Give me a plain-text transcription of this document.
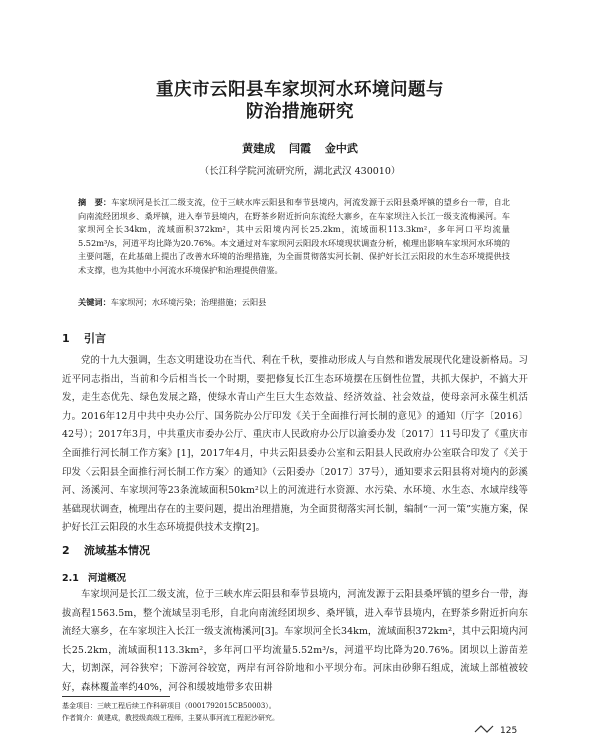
重庆市云阳县车家坝河水环境问题与
防治措施研究
黄建成 闫霞 金中武
（长江科学院河流研究所，湖北武汉 430010）
摘　要：车家坝河是长江二级支流，位于三峡水库云阳县和奉节县境内，河流发源于云阳县桑坪镇的望乡台一带，自北向南流经团坝乡、桑坪镇，进入奉节县境内，在野茶乡附近折向东流经大寨乡，在车家坝注入长江一级支流梅溪河。车家坝河全长34km，流域面积372km²，其中云阳境内河长25.2km，流域面积113.3km²，多年河口平均流量5.52m³/s，河道平均比降为20.76%。本文通过对车家坝河云阳段水环境现状调查分析，梳理出影响车家坝河水环境的主要问题，在此基础上提出了改善水环境的治理措施，为全面贯彻落实河长制、保护好长江云阳段的水生态环境提供技术支撑，也为其他中小河流水环境保护和治理提供借鉴。
关键词：车家坝河；水环境污染；治理措施；云阳县
1 引言
党的十九大强调，生态文明建设功在当代、利在千秋，要推动形成人与自然和谐发展现代化建设新格局。习近平同志指出，当前和今后相当长一个时期，要把修复长江生态环境摆在压倒性位置，共抓大保护，不搞大开发，走生态优先、绿色发展之路，使绿水青山产生巨大生态效益、经济效益、社会效益，使母亲河永葆生机活力。2016年12月中共中央办公厅、国务院办公厅印发《关于全面推行河长制的意见》的通知（厅字〔2016〕42号）；2017年3月，中共重庆市委办公厅、重庆市人民政府办公厅以渝委办发〔2017〕11号印发了《重庆市全面推行河长制工作方案》[1]，2017年4月，中共云阳县委办公室和云阳县人民政府办公室联合印发了《关于印发〈云阳县全面推行河长制工作方案〉的通知》（云阳委办〔2017〕37号），通知要求云阳县将对境内的彭溪河、汤溪河、车家坝河等23条流域面积50km²以上的河流进行水资源、水污染、水环境、水生态、水域岸线等基础现状调查，梳理出存在的主要问题，提出治理措施，为全面贯彻落实河长制，编制“一河一策”实施方案，保护好长江云阳段的水生态环境提供技术支撑[2]。
2 流域基本情况
2.1 河道概况
车家坝河是长江二级支流，位于三峡水库云阳县和奉节县境内，河流发源于云阳县桑坪镇的望乡台一带，海拔高程1563.5m，整个流域呈羽毛形，自北向南流经团坝乡、桑坪镇，进入奉节县境内，在野茶乡附近折向东流经大寨乡，在车家坝注入长江一级支流梅溪河[3]。车家坝河全长34km，流域面积372km²，其中云阳境内河长25.2km，流域面积113.3km²，多年河口平均流量5.52m³/s，河道平均比降为20.76%。团坝以上游苗差大，切割深，河谷狭窄；下游河谷较宽，两岸有河谷阶地和小平坝分布。河床由砂卵石组成，流域上部植被较好，森林覆盖率约40%，河谷和缓坡地带多农田耕
基金项目：三峡工程后续工作科研项目（0001792015CB50003）。
作者简介：黄建成，教授级高级工程师，主要从事河流工程泥沙研究。
125
